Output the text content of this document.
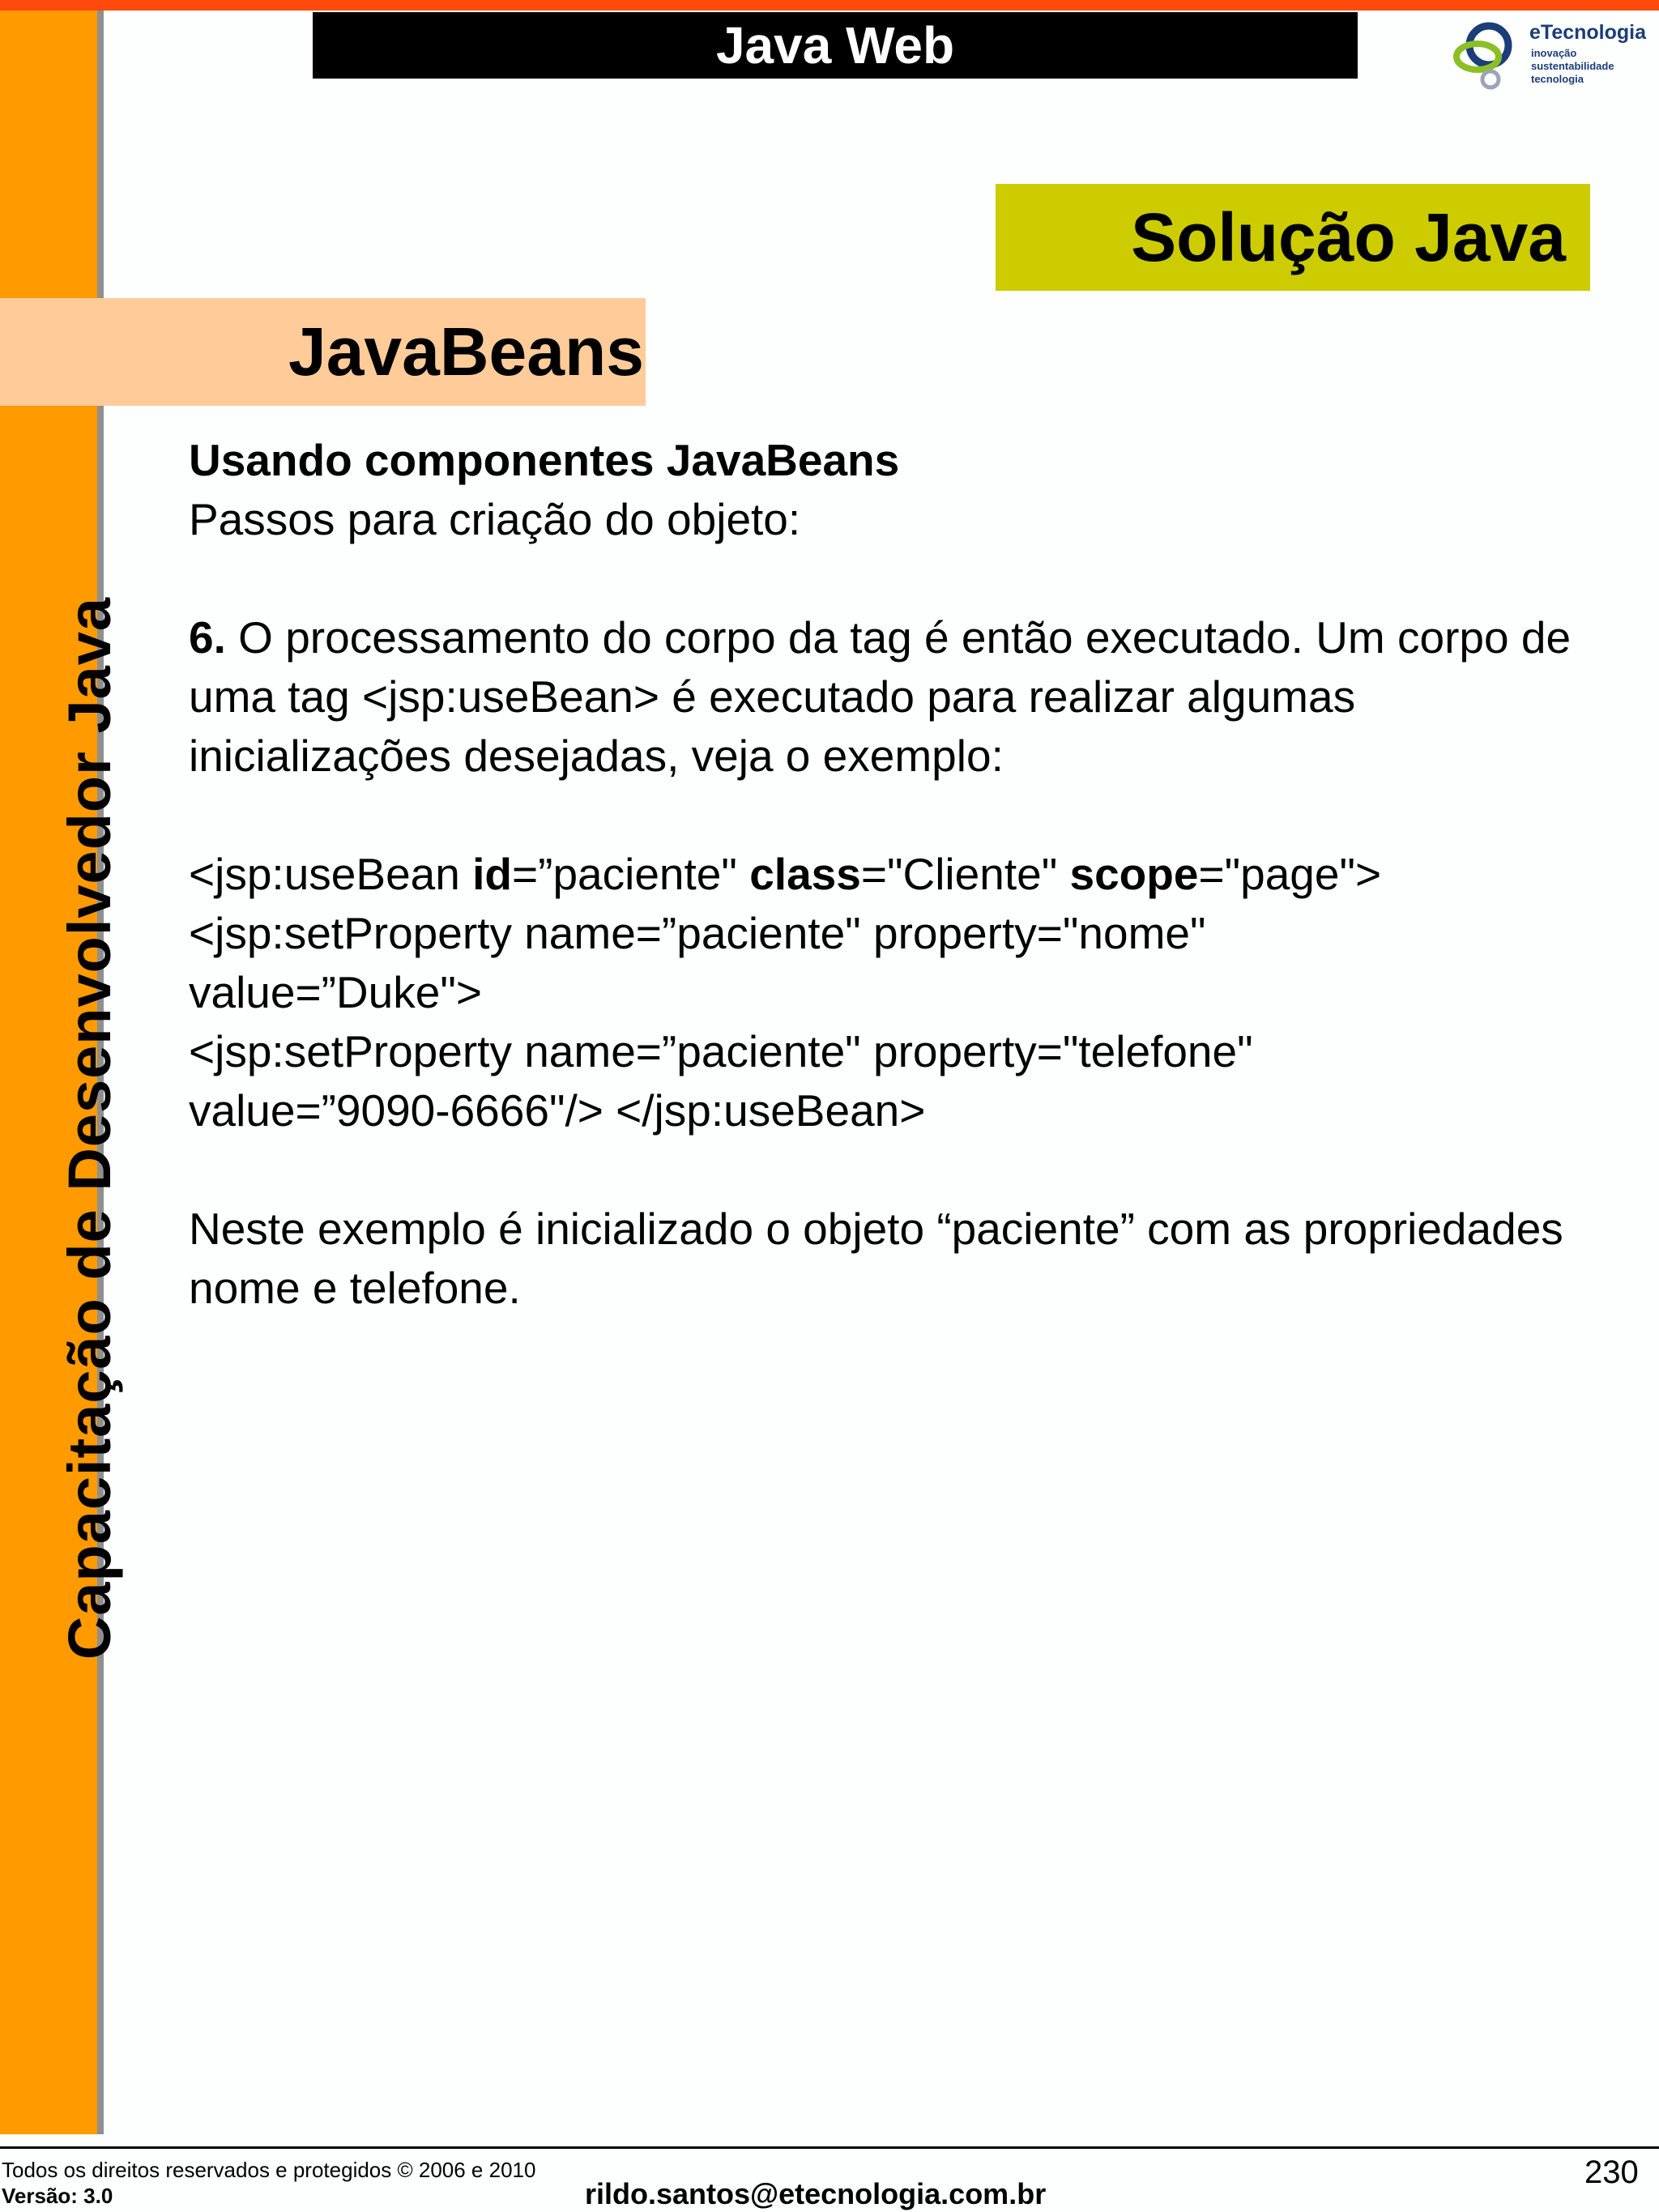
Capacitação de Desenvolvedor Java
Java Web	eTecnologia
inovação
sustentabilidade
tecnologia
Solução Java
JavaBeans

Usando componentes JavaBeans

Passos para criação do objeto:

6. O processamento do corpo da tag é então executado. Um corpo de uma tag <jsp:useBean> é executado para realizar algumas inicializações desejadas, veja o exemplo:

<jsp:useBean id=”paciente" class="Cliente" scope="page">

<jsp:setProperty name=”paciente" property="nome"

value=”Duke">

<jsp:setProperty name=”paciente" property="telefone"

value=”9090-6666"/> </jsp:useBean>

Neste exemplo é inicializado o objeto “paciente” com as propriedades nome e telefone.

Todos os direitos reservados e protegidos © 2006 e 2010
Versão: 3.0	rildo.santos@etecnologia.com.br
230
